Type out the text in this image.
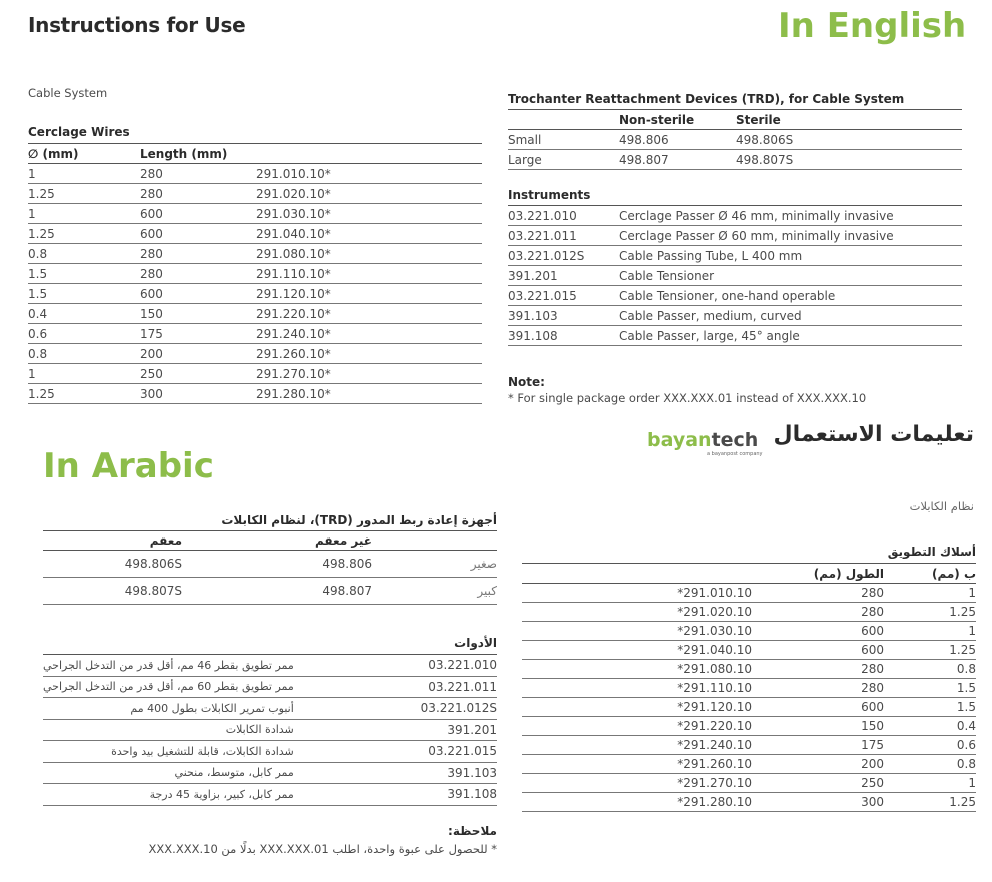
Instructions for Use	In English
Cable System
Cerclage Wires
∅ (mm)	Length (mm)	
1	280	291.010.10*
1.25	280	291.020.10*
1	600	291.030.10*
1.25	600	291.040.10*
0.8	280	291.080.10*
1.5	280	291.110.10*
1.5	600	291.120.10*
0.4	150	291.220.10*
0.6	175	291.240.10*
0.8	200	291.260.10*
1	250	291.270.10*
1.25	300	291.280.10*
Trochanter Reattachment Devices (TRD), for Cable System
	Non-sterile	Sterile
Small	498.806	498.806S
Large	498.807	498.807S
Instruments
03.221.010	Cerclage Passer Ø 46 mm, minimally invasive
03.221.011	Cerclage Passer Ø 60 mm, minimally invasive
03.221.012S	Cable Passing Tube, L 400 mm
391.201	Cable Tensioner
03.221.015	Cable Tensioner, one-hand operable
391.103	Cable Passer, medium, curved
391.108	Cable Passer, large, 45° angle
Note:
* For single package order XXX.XXX.01 instead of XXX.XXX.10
In Arabic
bayantech
a bayanpost company
تعليمات الاستعمال
نظام الكابلات
أجهزة إعادة ربط المدور (TRD)، لنظام الكابلات
معقم	غير معقم	
498.806S	498.806	صغير
498.807S	498.807	كبير
الأدوات
ممر تطويق بقطر 46 مم، أقل قدر من التدخل الجراحي	03.221.010
ممر تطويق بقطر 60 مم، أقل قدر من التدخل الجراحي	03.221.011
أنبوب تمرير الكابلات بطول 400 مم	03.221.012S
شدادة الكابلات	391.201
شدادة الكابلات، قابلة للتشغيل بيد واحدة	03.221.015
ممر كابل، متوسط، منحني	391.103
ممر كابل، كبير، بزاوية 45 درجة	391.108
ملاحظة:
* للحصول على عبوة واحدة، اطلب XXX.XXX.01 بدلًا من XXX.XXX.10
أسلاك التطويق
	الطول (مم)	ب (مم)
*291.010.10	280	1
*291.020.10	280	1.25
*291.030.10	600	1
*291.040.10	600	1.25
*291.080.10	280	0.8
*291.110.10	280	1.5
*291.120.10	600	1.5
*291.220.10	150	0.4
*291.240.10	175	0.6
*291.260.10	200	0.8
*291.270.10	250	1
*291.280.10	300	1.25
